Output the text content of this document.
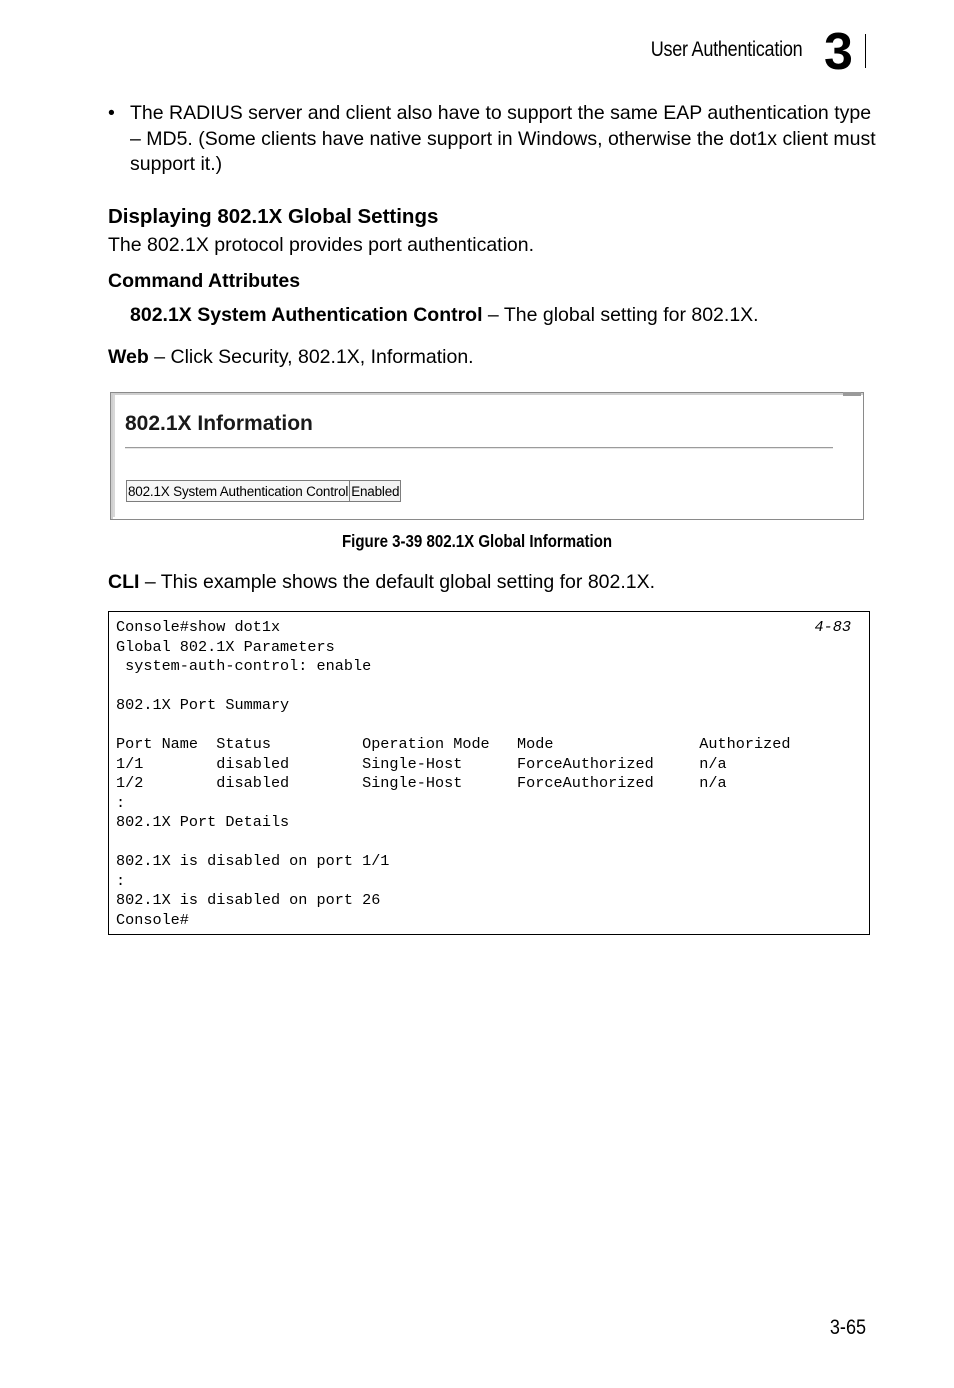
User Authentication 3
• The RADIUS server and client also have to support the same EAP authentication type – MD5. (Some clients have native support in Windows, otherwise the dot1x client must support it.)
Displaying 802.1X Global Settings
The 802.1X protocol provides port authentication.
Command Attributes
802.1X System Authentication Control – The global setting for 802.1X.
Web – Click Security, 802.1X, Information.
802.1X Information
802.1X System Authentication Control	Enabled
Figure 3-39 802.1X Global Information
CLI – This example shows the default global setting for 802.1X.
Console#show dot1x
Global 802.1X Parameters
system-auth-control: enable

802.1X Port Summary

Port Name  Status          Operation Mode   Mode                Authorized
1/1        disabled        Single-Host      ForceAuthorized     n/a
1/2        disabled        Single-Host      ForceAuthorized     n/a
:
802.1X Port Details

802.1X is disabled on port 1/1
:
802.1X is disabled on port 26
Console#
4-83
3-65
